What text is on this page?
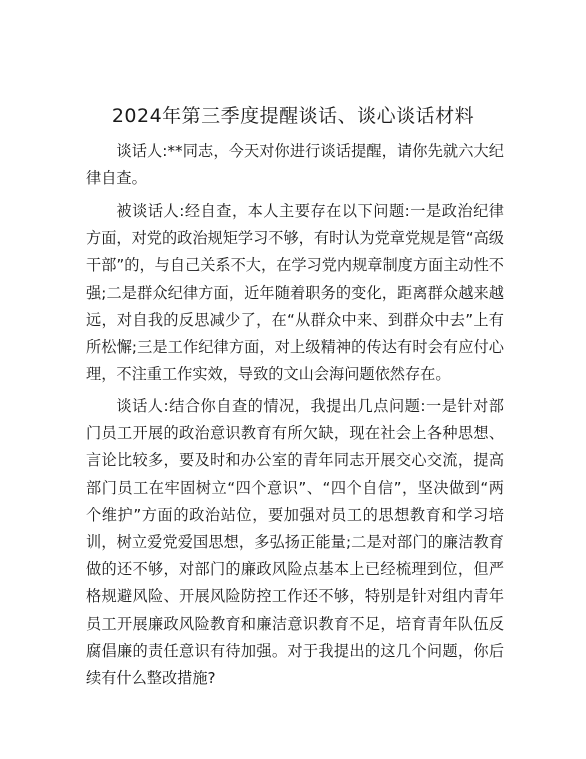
2024年第三季度提醒谈话、谈心谈话材料

谈话人:**同志，今天对你进行谈话提醒，请你先就六大纪律自查。

被谈话人:经自查，本人主要存在以下问题:一是政治纪律方面，对党的政治规矩学习不够，有时认为党章党规是管“高级干部”的，与自己关系不大，在学习党内规章制度方面主动性不强;二是群众纪律方面，近年随着职务的变化，距离群众越来越远，对自我的反思减少了，在“从群众中来、到群众中去”上有所松懈;三是工作纪律方面，对上级精神的传达有时会有应付心理，不注重工作实效，导致的文山会海问题依然存在。

谈话人:结合你自查的情况，我提出几点问题:一是针对部门员工开展的政治意识教育有所欠缺，现在社会上各种思想、言论比较多，要及时和办公室的青年同志开展交心交流，提高部门员工在牢固树立“四个意识”、“四个自信”，坚决做到“两个维护”方面的政治站位，要加强对员工的思想教育和学习培训，树立爱党爱国思想，多弘扬正能量;二是对部门的廉洁教育做的还不够，对部门的廉政风险点基本上已经梳理到位，但严格规避风险、开展风险防控工作还不够，特别是针对组内青年员工开展廉政风险教育和廉洁意识教育不足，培育青年队伍反腐倡廉的责任意识有待加强。对于我提出的这几个问题，你后续有什么整改措施?
